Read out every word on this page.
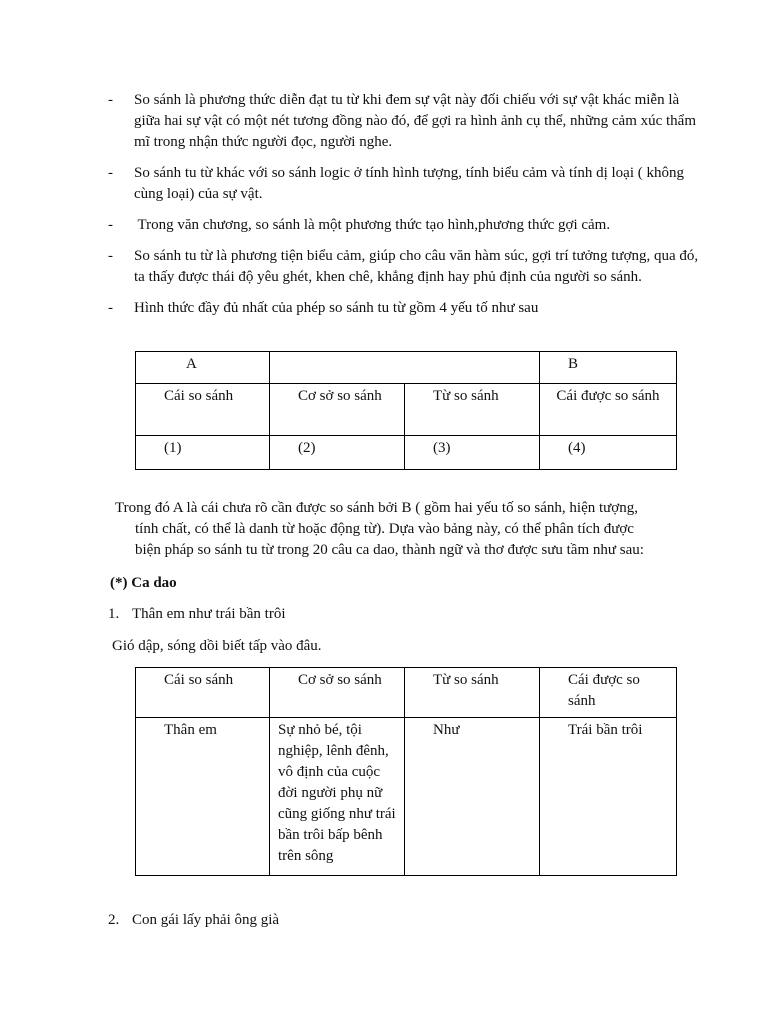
- So sánh là phương thức diễn đạt tu từ khi đem sự vật này đối chiếu với sự vật khác miễn là giữa hai sự vật có một nét tương đồng nào đó, để gợi ra hình ảnh cụ thể, những cảm xúc thẩm mĩ trong nhận thức người đọc, người nghe.
- So sánh tu từ khác với so sánh logic ở tính hình tượng, tính biểu cảm và tính dị loại ( không cùng loại) của sự vật.
- Trong văn chương, so sánh là một phương thức tạo hình,phương thức gợi cảm.
- So sánh tu từ là phương tiện biểu cảm, giúp cho câu văn hàm súc, gợi trí tưởng tượng, qua đó, ta thấy được thái độ yêu ghét, khen chê, khẳng định hay phủ định của người so sánh.
- Hình thức đầy đủ nhất của phép so sánh tu từ gồm 4 yếu tố như sau
A			B
Cái so sánh	Cơ sở so sánh	Từ so sánh	Cái được so sánh
(1)	(2)	(3)	(4)

Trong đó A là cái chưa rõ cần được so sánh bởi B ( gồm hai yếu tố so sánh, hiện tượng,
tính chất, có thể là danh từ hoặc động từ). Dựa vào bảng này, có thể phân tích được
biện pháp so sánh tu từ trong 20 câu ca dao, thành ngữ và thơ được sưu tầm như sau:

(*) Ca dao

1. Thân em như trái bần trôi

Gió dập, sóng dồi biết tấp vào đâu.

Cái so sánh	Cơ sở so sánh	Từ so sánh	Cái được so sánh
Thân em	Sự nhỏ bé, tội nghiệp, lênh đênh, vô định của cuộc đời người phụ nữ cũng giống như trái bần trôi bấp bênh trên sông	Như	Trái bần trôi

2. Con gái lấy phải ông già
